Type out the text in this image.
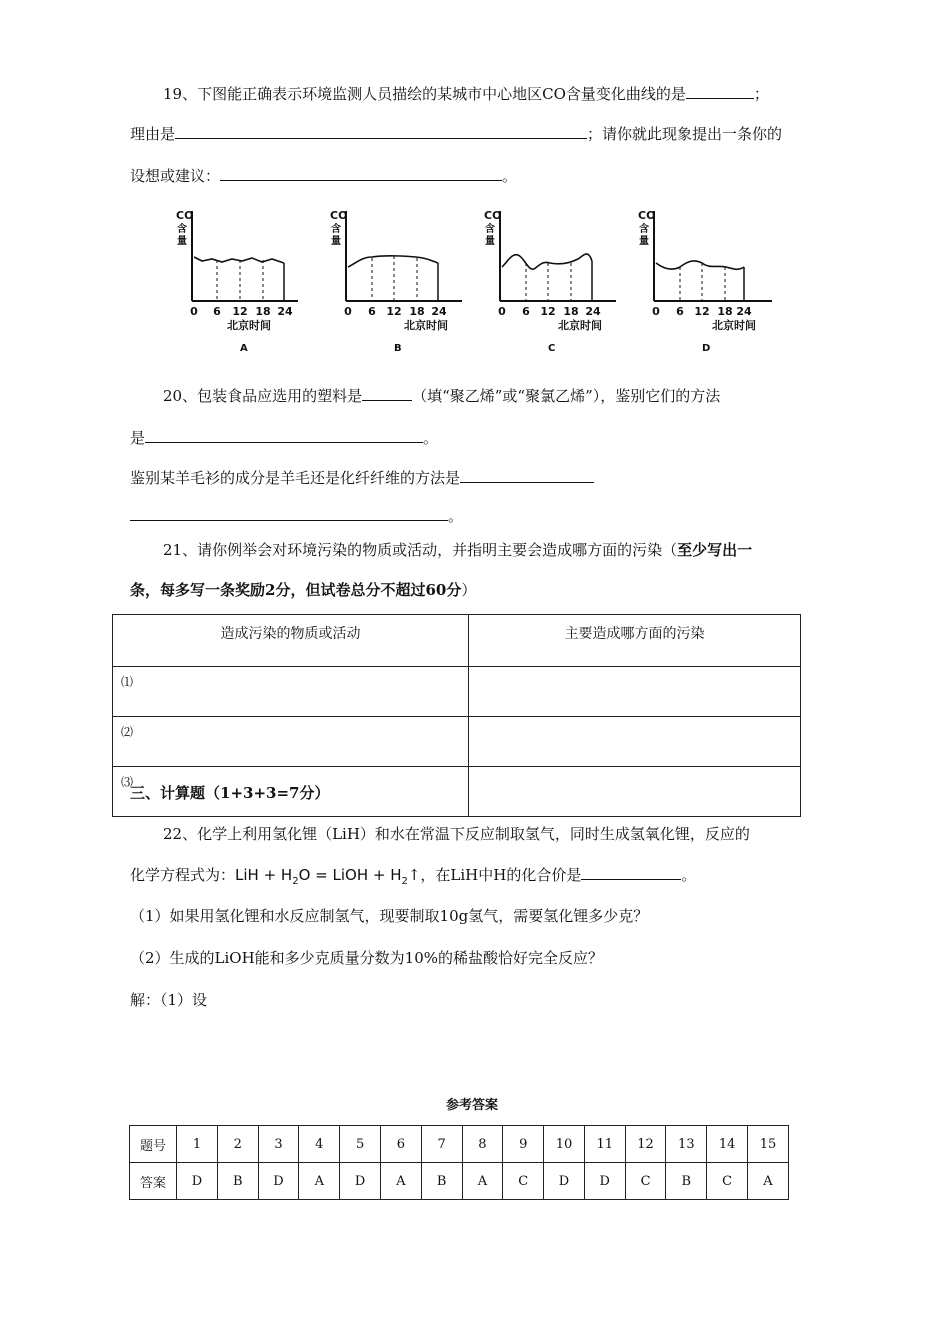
19、下图能正确表示环境监测人员描绘的某城市中心地区CO含量变化曲线的是	；
理由是	；请你就此现象提出一条你的
设想或建议：	。
CO
含
量
0 6 12 18 24
北京时间
A
CO
含
量
0 6 12 18 24
北京时间
B
CO
含
量
0 6 12 18 24
北京时间
C
CO
含
量
0 6 12 18 24
北京时间
D
20、包装食品应选用的塑料是	（填“聚乙烯”或“聚氯乙烯”），鉴别它们的方法
是	。
鉴别某羊毛衫的成分是羊毛还是化纤纤维的方法是
。
21、请你例举会对环境污染的物质或活动，并指明主要会造成哪方面的污染（至少写出一
条，每多写一条奖励2分，但试卷总分不超过60分）
造成污染的物质或活动	主要造成哪方面的污染
⑴	
⑵	
⑶	
三、计算题（1+3+3=7分）
22、化学上利用氢化锂（LiH）和水在常温下反应制取氢气，同时生成氢氧化锂，反应的
化学方程式为：LiH + $H_2O$ = LiOH + $H_2↑$，在LiH中H的化合价是	。
（1）如果用氢化锂和水反应制氢气，现要制取10g氢气，需要氢化锂多少克？
（2）生成的LiOH能和多少克质量分数为10%的稀盐酸恰好完全反应？
解：（1）设
参考答案
题号	1	2	3	4	5	6	7	8	9	10	11	12	13	14	15
答案	D	B	D	A	D	A	B	A	C	D	D	C	B	C	A
